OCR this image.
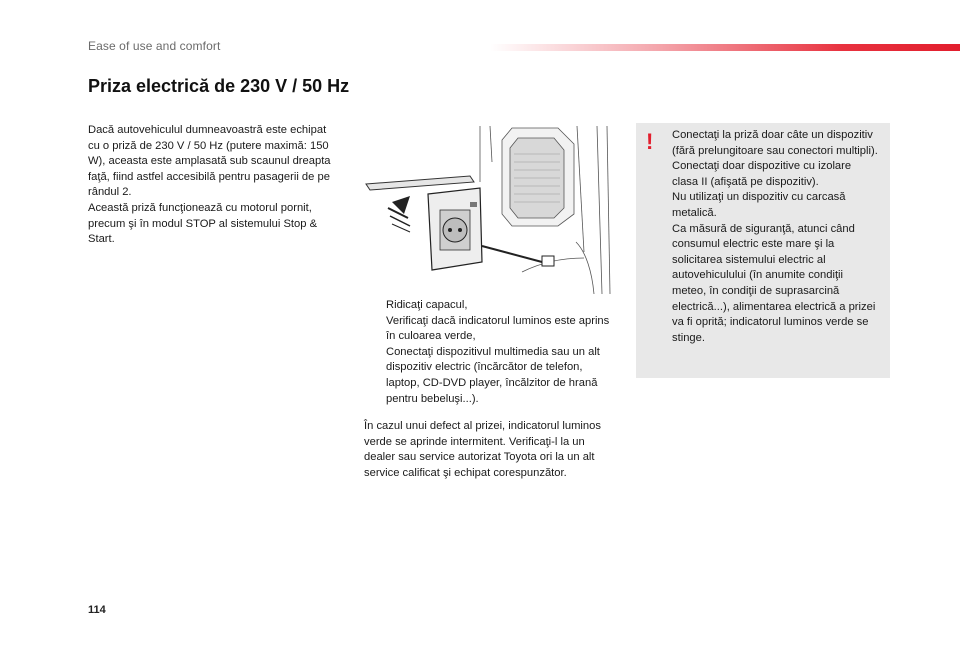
Ease of use and comfort
Priza electrică de 230 V / 50 Hz

Dacă autovehiculul dumneavoastră este echipat cu o priză de 230 V / 50 Hz (putere maximă: 150 W), aceasta este amplasată sub scaunul dreapta faţă, fiind astfel accesibilă pentru pasagerii de pe rândul 2.

Această priză funcţionează cu motorul pornit, precum şi în modul STOP al sistemului Stop & Start.

Ridicaţi capacul,
Verificaţi dacă indicatorul luminos este aprins în culoarea verde,
Conectaţi dispozitivul multimedia sau un alt dispozitiv electric (încărcător de telefon, laptop, CD-DVD player, încălzitor de hrană pentru bebeluşi...).

În cazul unui defect al prizei, indicatorul luminos verde se aprinde intermitent. Verificaţi-l la un dealer sau service autorizat Toyota ori la un alt service calificat şi echipat corespunzător.

! Conectaţi la priză doar câte un dispozitiv (fără prelungitoare sau conectori multipli).

Conectaţi doar dispozitive cu izolare clasa II (afişată pe dispozitiv).

Nu utilizaţi un dispozitiv cu carcasă metalică.

Ca măsură de siguranţă, atunci când consumul electric este mare şi la solicitarea sistemului electric al autovehiculului (în anumite condiţii meteo, în condiţii de suprasarcină electrică...), alimentarea electrică a prizei va fi oprită; indicatorul luminos verde se stinge.

114
